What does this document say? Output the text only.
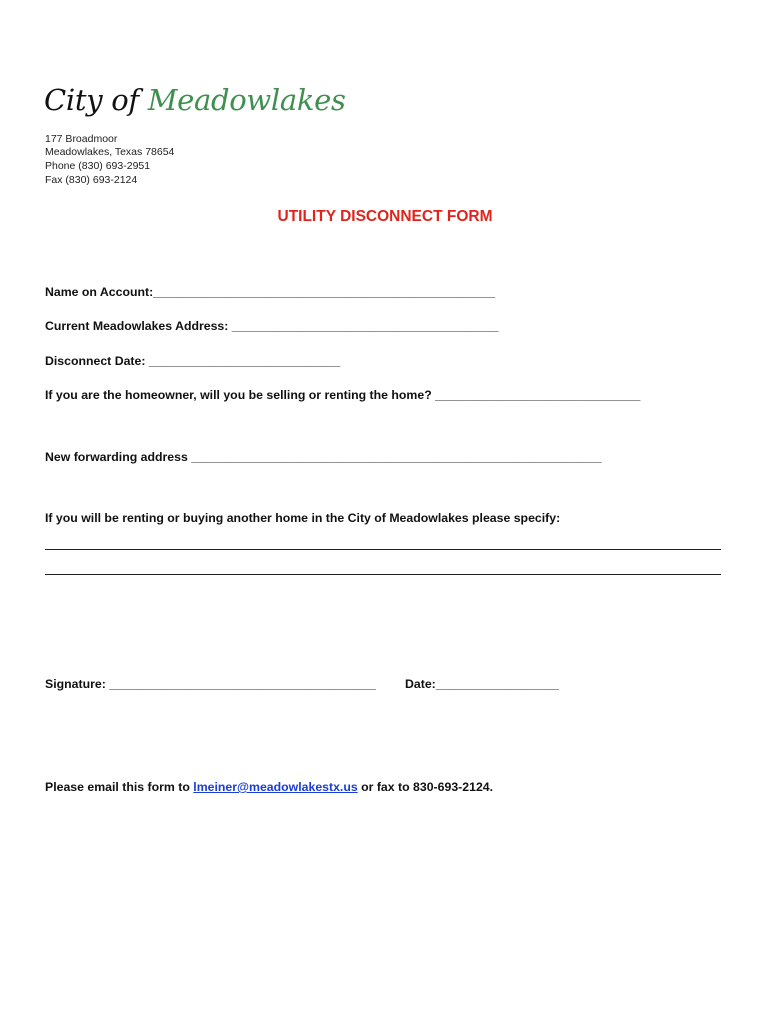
City of Meadowlakes
177 Broadmoor
Meadowlakes, Texas 78654
Phone (830) 693-2951
Fax (830) 693-2124
UTILITY DISCONNECT FORM
Name on Account:__________________________________________________
Current Meadowlakes Address: _______________________________________
Disconnect Date: ____________________________
If you are the homeowner, will you be selling or renting the home? ______________________________
New forwarding address ____________________________________________________________
If you will be renting or buying another home in the City of Meadowlakes please specify:
Signature: _______________________________________ Date:__________________
Please email this form to lmeiner@meadowlakestx.us or fax to 830-693-2124.
